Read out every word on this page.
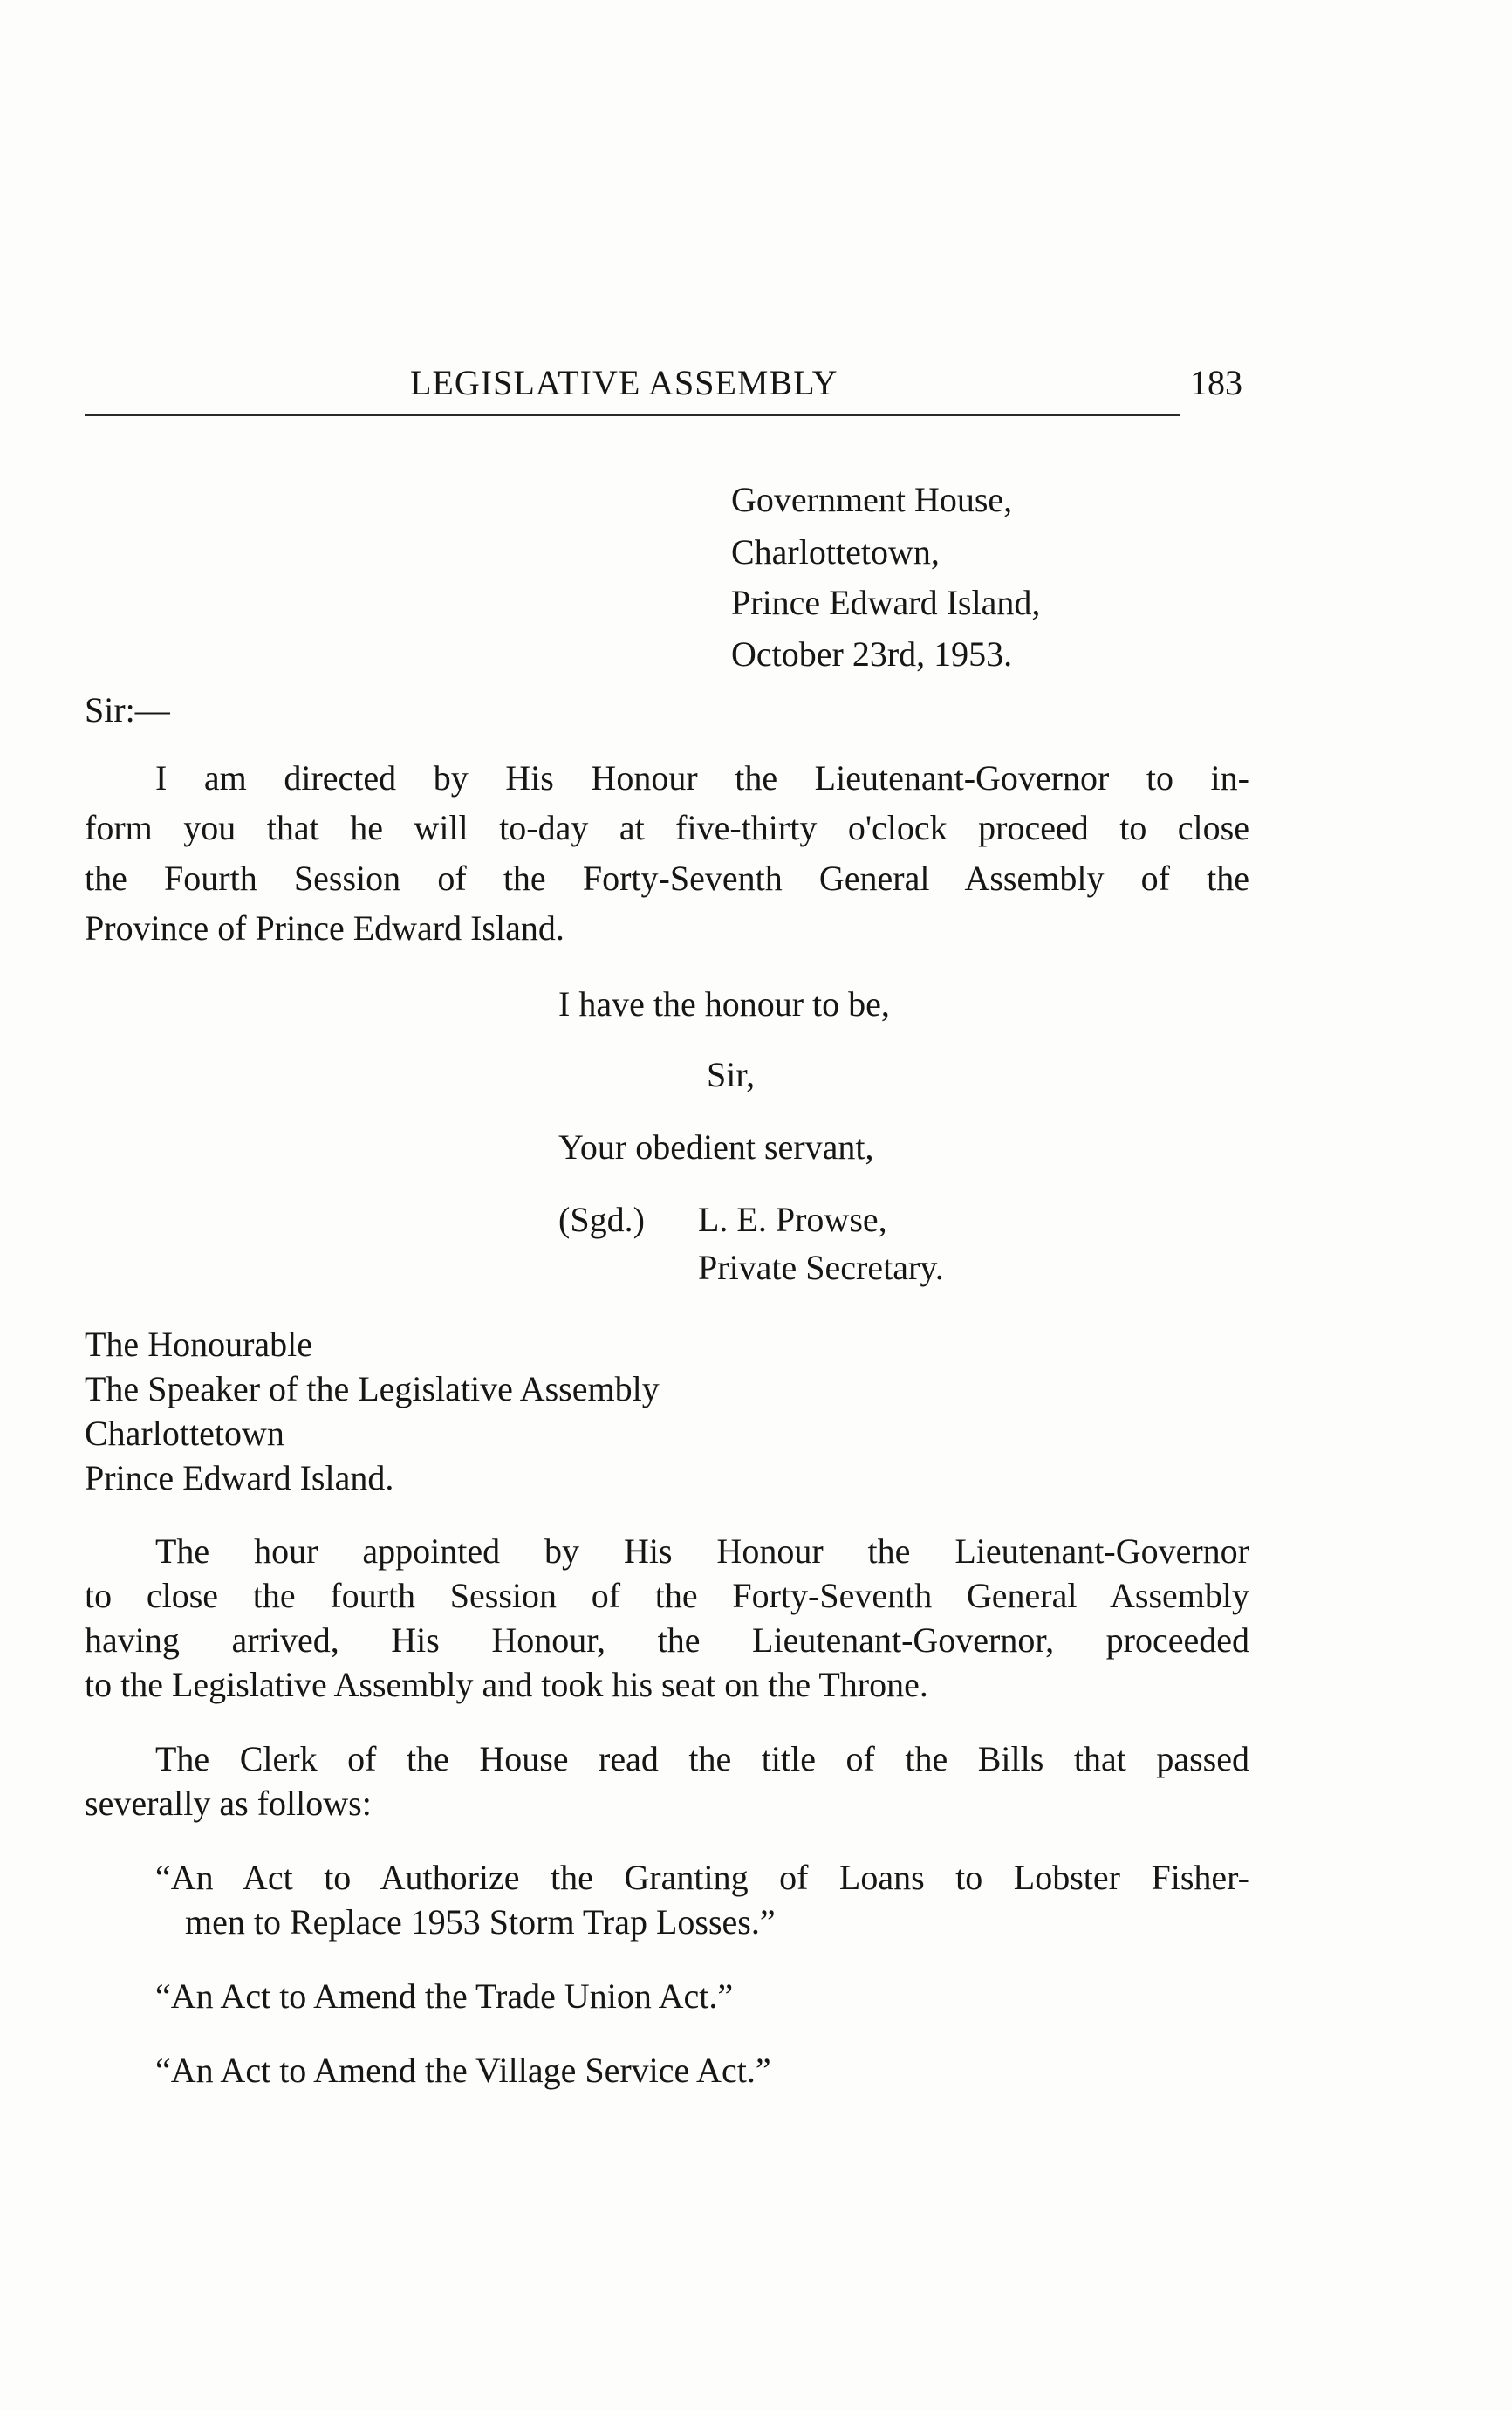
LEGISLATIVE ASSEMBLY	183
Government House,
Charlottetown,
Prince Edward Island,
October 23rd, 1953.
Sir:—
I am directed by His Honour the Lieutenant-Governor to in-
form you that he will to-day at five-thirty o'clock proceed to close
the Fourth Session of the Forty-Seventh General Assembly of the
Province of Prince Edward Island.
I have the honour to be,
Sir,
Your obedient servant,
(Sgd.) L. E. Prowse,
Private Secretary.
The Honourable
The Speaker of the Legislative Assembly
Charlottetown
Prince Edward Island.
The hour appointed by His Honour the Lieutenant-Governor
to close the fourth Session of the Forty-Seventh General Assembly
having arrived, His Honour, the Lieutenant-Governor, proceeded
to the Legislative Assembly and took his seat on the Throne.
The Clerk of the House read the title of the Bills that passed
severally as follows:
“An Act to Authorize the Granting of Loans to Lobster Fisher-
men to Replace 1953 Storm Trap Losses.”
“An Act to Amend the Trade Union Act.”
“An Act to Amend the Village Service Act.”
